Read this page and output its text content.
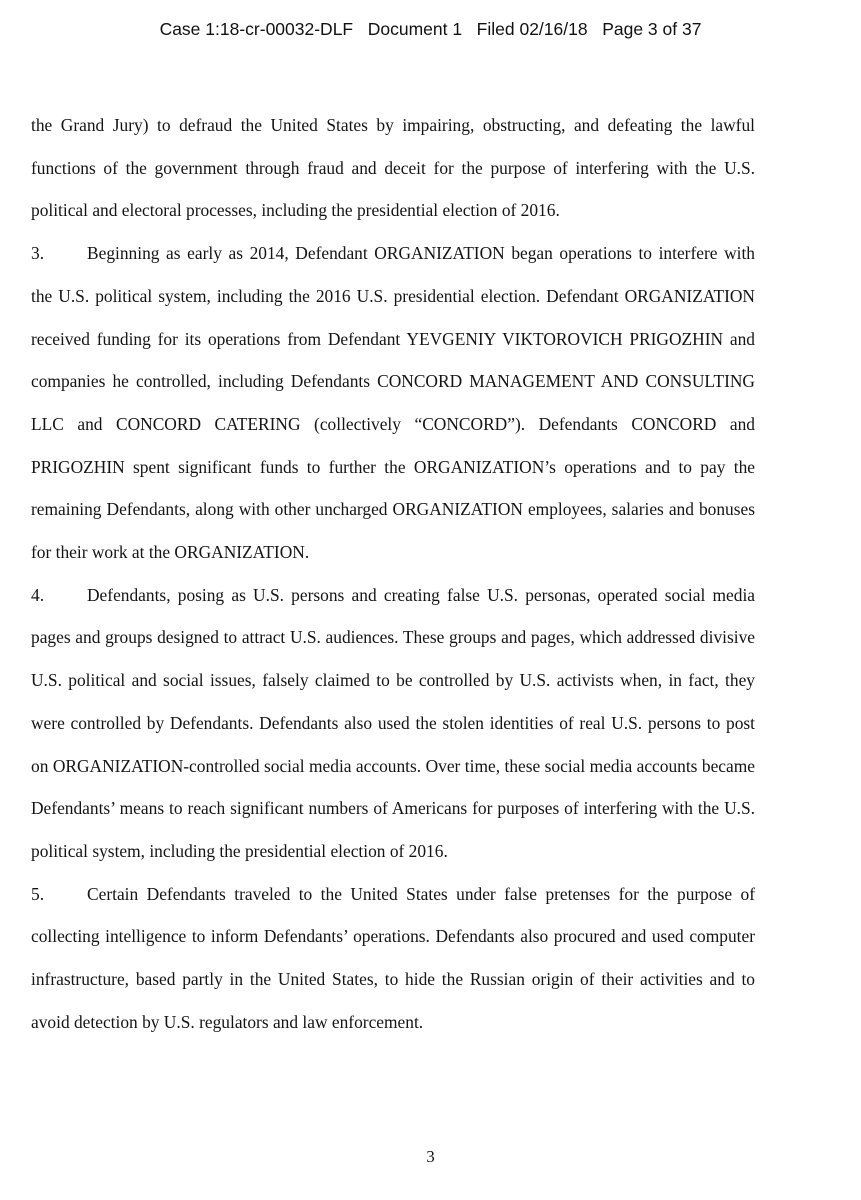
Case 1:18-cr-00032-DLF Document 1 Filed 02/16/18 Page 3 of 37

the Grand Jury) to defraud the United States by impairing, obstructing, and defeating the lawful functions of the government through fraud and deceit for the purpose of interfering with the U.S. political and electoral processes, including the presidential election of 2016.

3. Beginning as early as 2014, Defendant ORGANIZATION began operations to interfere with the U.S. political system, including the 2016 U.S. presidential election. Defendant ORGANIZATION received funding for its operations from Defendant YEVGENIY VIKTOROVICH PRIGOZHIN and companies he controlled, including Defendants CONCORD MANAGEMENT AND CONSULTING LLC and CONCORD CATERING (collectively “CONCORD”). Defendants CONCORD and PRIGOZHIN spent significant funds to further the ORGANIZATION’s operations and to pay the remaining Defendants, along with other uncharged ORGANIZATION employees, salaries and bonuses for their work at the ORGANIZATION.

4. Defendants, posing as U.S. persons and creating false U.S. personas, operated social media pages and groups designed to attract U.S. audiences. These groups and pages, which addressed divisive U.S. political and social issues, falsely claimed to be controlled by U.S. activists when, in fact, they were controlled by Defendants. Defendants also used the stolen identities of real U.S. persons to post on ORGANIZATION-controlled social media accounts. Over time, these social media accounts became Defendants’ means to reach significant numbers of Americans for purposes of interfering with the U.S. political system, including the presidential election of 2016.

5. Certain Defendants traveled to the United States under false pretenses for the purpose of collecting intelligence to inform Defendants’ operations. Defendants also procured and used computer infrastructure, based partly in the United States, to hide the Russian origin of their activities and to avoid detection by U.S. regulators and law enforcement.

3
